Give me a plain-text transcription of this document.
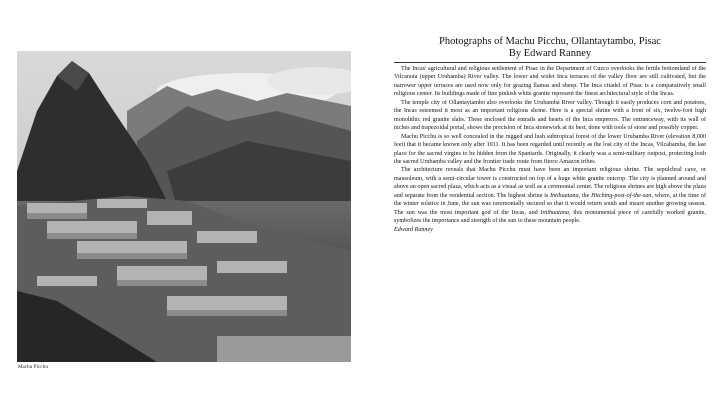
Machu Picchu
Photographs of Machu Picchu, Ollantaytambo, Pisac
By Edward Ranney

The Incas' agricultural and religious settlement of Pisac in the Department of Cuzco overlooks the fertile bottomland of the Vilcanota (upper Urubamba) River valley. The lower and wider Inca terraces of the valley floor are still cultivated, but the narrower upper terraces are used now only for grazing llamas and sheep. The Inca citadel of Pisac is a comparatively small religious center. Its buildings made of fine pinkish white granite represent the finest architectural style of the Incas.

The temple city of Ollantaytambo also overlooks the Urubamba River valley. Though it easily produces corn and potatoes, the Incas esteemed it most as an important religious shrine. Here is a special shrine with a front of six, twelve-foot high monolithic red granite slabs. These enclosed the entrails and hearts of the Inca emperors. The entranceway, with its wall of niches and trapezoidal portal, shows the precision of Inca stonework at its best, done with tools of stone and possibly copper.

Machu Picchu is so well concealed in the rugged and lush subtropical forest of the lower Urubamba River (elevation 8,000 feet) that it became known only after 1911. It has been regarded until recently as the lost city of the Incas, Vilcabamba, the last place for the sacred virgins to be hidden from the Spaniards. Originally, it clearly was a semi-military outpost, protecting both the sacred Urubamba valley and the frontier trade route from fierce Amazon tribes.

The architecture reveals that Machu Picchu must have been an important religious shrine. The sepulchral cave, or mausoleum, with a semi-circular tower is constructed on top of a huge white granite outcrop. The city is planned around and above an open sacred plaza, which acts as a visual as well as a ceremonial center. The religious shrines are high above the plaza and separate from the residential section. The highest shrine is Intihuatana, the Hitching-post-of-the-sun, where, at the time of the winter solstice in June, the sun was ceremonially secured so that it would return south and insure another growing season. The sun was the most important god of the Incas, and Intihuatana, this monumental piece of carefully worked granite, symbolizes the importance and strength of the sun to these mountain people.

Edward Ranney
